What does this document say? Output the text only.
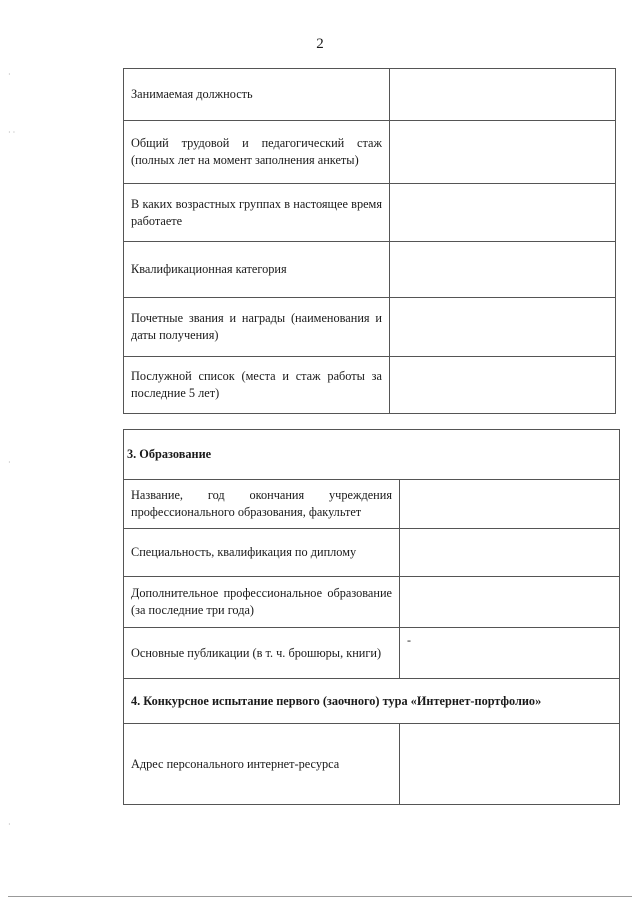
2
·
· ·
·
·
Занимаемая должность	
Общий трудовой и педагогический стаж (полных лет на момент заполнения анкеты)	
В каких возрастных группах в настоящее время работаете	
Квалификационная категория	
Почетные звания и награды (наименования и даты получения)	
Послужной список (места и стаж работы за последние 5 лет)	
3. Образование	
Название, год окончания учреждения профессионального образования, факультет	
Специальность, квалификация по диплому	
Дополнительное профессиональное образование (за последние три года)	
Основные публикации (в т. ч. брошюры, книги)	-
4. Конкурсное испытание первого (заочного) тура «Интернет-портфолио»	
Адрес персонального интернет-ресурса	
